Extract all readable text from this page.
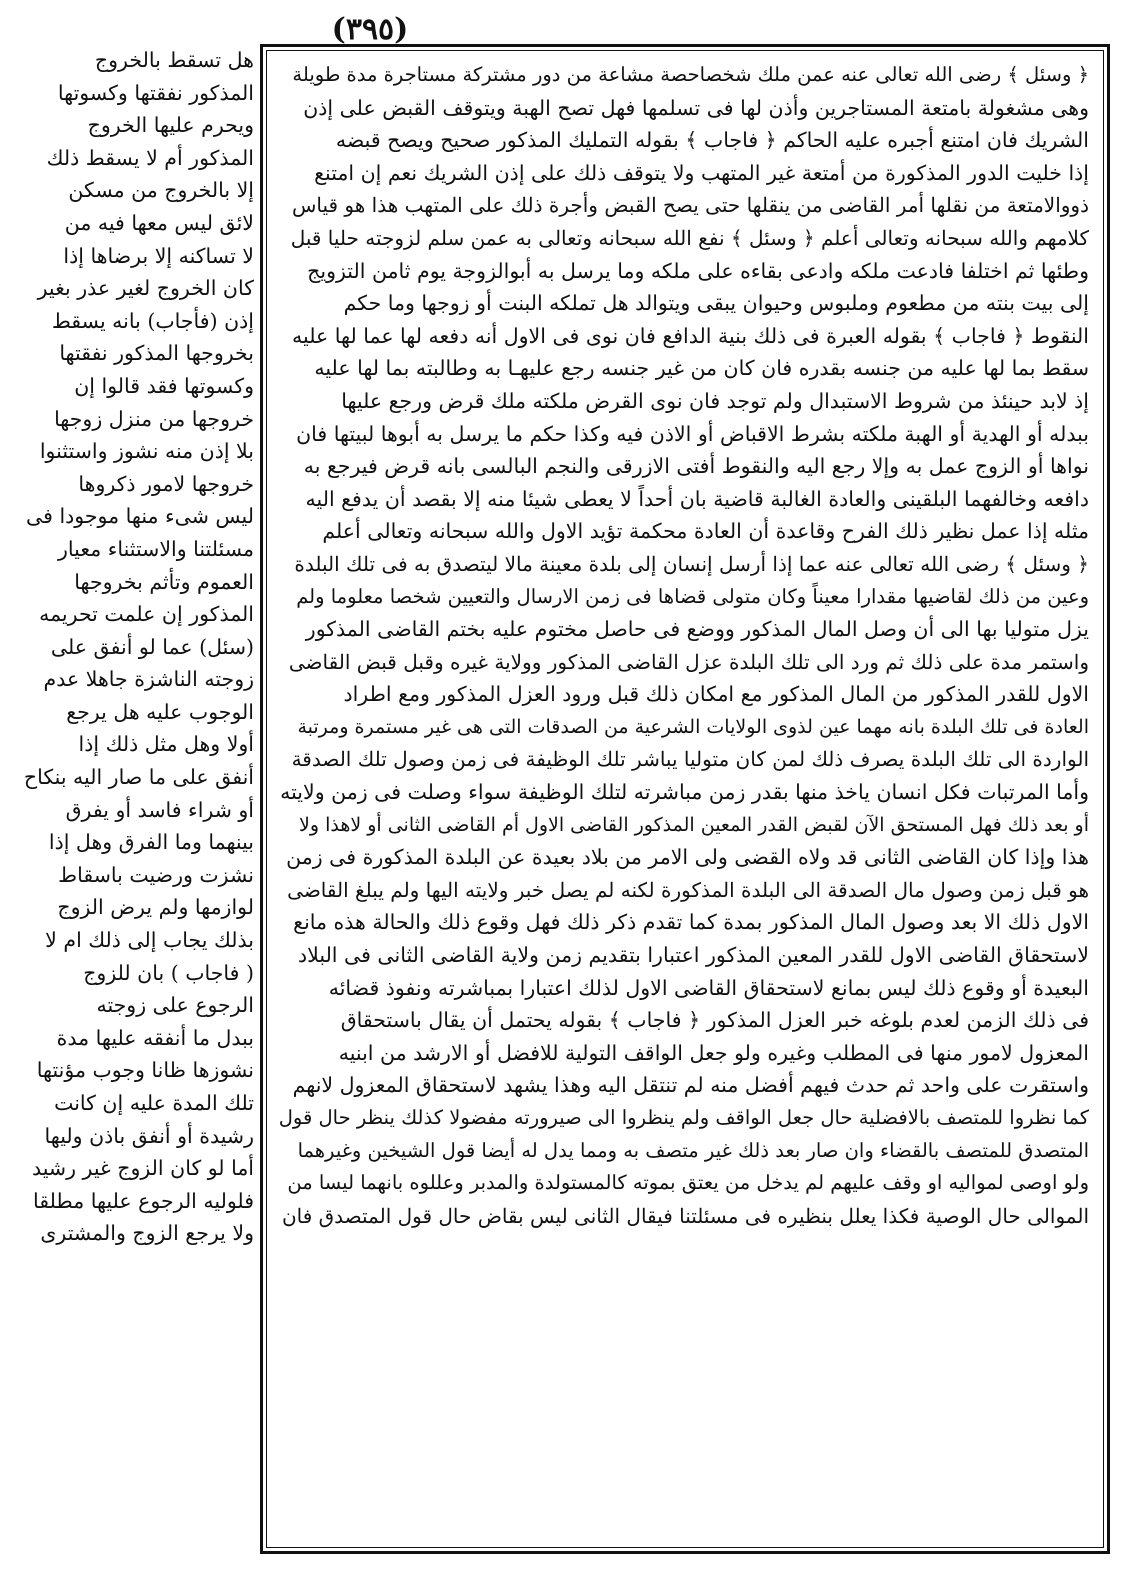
(٣٩٥)
هل تسقط بالخروج
المذكور نفقتها وكسوتها
ويحرم عليها الخروج
المذكور أم لا يسقط ذلك
إلا بالخروج من مسكن
لائق ليس معها فيه من
لا تساكنه إلا برضاها إذا
كان الخروج لغير عذر بغير
إذن (فأجاب) بانه يسقط
بخروجها المذكور نفقتها
وكسوتها فقد قالوا إن
خروجها من منزل زوجها
بلا إذن منه نشوز واستثنوا
خروجها لامور ذكروها
ليس شىء منها موجودا فى
مسئلتنا والاستثناء معيار
العموم وتأثم بخروجها
المذكور إن علمت تحريمه
(سئل) عما لو أنفق على
زوجته الناشزة جاهلا عدم
الوجوب عليه هل يرجع
أولا وهل مثل ذلك إذا
أنفق على ما صار اليه بنكاح
أو شراء فاسد أو يفرق
بينهما وما الفرق وهل إذا
نشزت ورضيت باسقاط
لوازمها ولم يرض الزوج
بذلك يجاب إلى ذلك ام لا
( فاجاب ) بان للزوج
الرجوع على زوجته
ببدل ما أنفقه عليها مدة
نشوزها ظانا وجوب مؤنتها
تلك المدة عليه إن كانت
رشيدة أو أنفق باذن وليها
أما لو كان الزوج غير رشيد
فلوليه الرجوع عليها مطلقا
ولا يرجع الزوج والمشترى
﴿ وسئل ﴾ رضى الله تعالى عنه عمن ملك شخصاحصة مشاعة من دور مشتركة مستاجرة مدة طويلة
وهى مشغولة بامتعة المستاجرين وأذن لها فى تسلمها فهل تصح الهبة ويتوقف القبض على إذن
الشريك فان امتنع أجبره عليه الحاكم ﴿ فاجاب ﴾ بقوله التمليك المذكور صحيح ويصح قبضه
إذا خليت الدور المذكورة من أمتعة غير المتهب ولا يتوقف ذلك على إذن الشريك نعم إن امتنع
ذووالامتعة من نقلها أمر القاضى من ينقلها حتى يصح القبض وأجرة ذلك على المتهب هذا هو قياس
كلامهم والله سبحانه وتعالى أعلم ﴿ وسئل ﴾ نفع الله سبحانه وتعالى به عمن سلم لزوجته حليا قبل
وطئها ثم اختلفا فادعت ملكه وادعى بقاءه على ملكه وما يرسل به أبوالزوجة يوم ثامن التزويج
إلى بيت بنته من مطعوم وملبوس وحيوان يبقى ويتوالد هل تملكه البنت أو زوجها وما حكم
النقوط ﴿ فاجاب ﴾ بقوله العبرة فى ذلك بنية الدافع فان نوى فى الاول أنه دفعه لها عما لها عليه
سقط بما لها عليه من جنسه بقدره فان كان من غير جنسه رجع عليهـا به وطالبته بما لها عليه
إذ لابد حينئذ من شروط الاستبدال ولم توجد فان نوى القرض ملكته ملك قرض ورجع عليها
ببدله أو الهدية أو الهبة ملكته بشرط الاقباض أو الاذن فيه وكذا حكم ما يرسل به أبوها لبيتها فان
نواها أو الزوج عمل به وإلا رجع اليه والنقوط أفتى الازرقى والنجم البالسى بانه قرض فيرجع به
دافعه وخالفهما البلقينى والعادة الغالبة قاضية بان أحداً لا يعطى شيئا منه إلا بقصد أن يدفع اليه
مثله إذا عمل نظير ذلك الفرح وقاعدة أن العادة محكمة تؤيد الاول والله سبحانه وتعالى أعلم
﴿ وسئل ﴾ رضى الله تعالى عنه عما إذا أرسل إنسان إلى بلدة معينة مالا ليتصدق به فى تلك البلدة
وعين من ذلك لقاضيها مقدارا معيناً وكان متولى قضاها فى زمن الارسال والتعيين شخصا معلوما ولم
يزل متوليا بها الى أن وصل المال المذكور ووضع فى حاصل مختوم عليه بختم القاضى المذكور
واستمر مدة على ذلك ثم ورد الى تلك البلدة عزل القاضى المذكور وولاية غيره وقبل قبض القاضى
الاول للقدر المذكور من المال المذكور مع امكان ذلك قبل ورود العزل المذكور ومع اطراد
العادة فى تلك البلدة بانه مهما عين لذوى الولايات الشرعية من الصدقات التى هى غير مستمرة ومرتبة
الواردة الى تلك البلدة يصرف ذلك لمن كان متوليا يباشر تلك الوظيفة فى زمن وصول تلك الصدقة
وأما المرتبات فكل انسان ياخذ منها بقدر زمن مباشرته لتلك الوظيفة سواء وصلت فى زمن ولايته
أو بعد ذلك فهل المستحق الآن لقبض القدر المعين المذكور القاضى الاول أم القاضى الثانى أو لاهذا ولا
هذا وإذا كان القاضى الثانى قد ولاه القضى ولى الامر من بلاد بعيدة عن البلدة المذكورة فى زمن
هو قبل زمن وصول مال الصدقة الى البلدة المذكورة لكنه لم يصل خبر ولايته اليها ولم يبلغ القاضى
الاول ذلك الا بعد وصول المال المذكور بمدة كما تقدم ذكر ذلك فهل وقوع ذلك والحالة هذه مانع
لاستحقاق القاضى الاول للقدر المعين المذكور اعتبارا بتقديم زمن ولاية القاضى الثانى فى البلاد
البعيدة أو وقوع ذلك ليس بمانع لاستحقاق القاضى الاول لذلك اعتبارا بمباشرته ونفوذ قضائه
فى ذلك الزمن لعدم بلوغه خبر العزل المذكور ﴿ فاجاب ﴾ بقوله يحتمل أن يقال باستحقاق
المعزول لامور منها فى المطلب وغيره ولو جعل الواقف التولية للافضل أو الارشد من ابنيه
واستقرت على واحد ثم حدث فيهم أفضل منه لم تنتقل اليه وهذا يشهد لاستحقاق المعزول لانهم
كما نظروا للمتصف بالافضلية حال جعل الواقف ولم ينظروا الى صيرورته مفضولا كذلك ينظر حال قول
المتصدق للمتصف بالقضاء وان صار بعد ذلك غير متصف به ومما يدل له أيضا قول الشيخين وغيرهما
ولو اوصى لمواليه او وقف عليهم لم يدخل من يعتق بموته كالمستولدة والمدبر وعللوه بانهما ليسا من
الموالى حال الوصية فكذا يعلل بنظيره فى مسئلتنا فيقال الثانى ليس بقاض حال قول المتصدق فان
